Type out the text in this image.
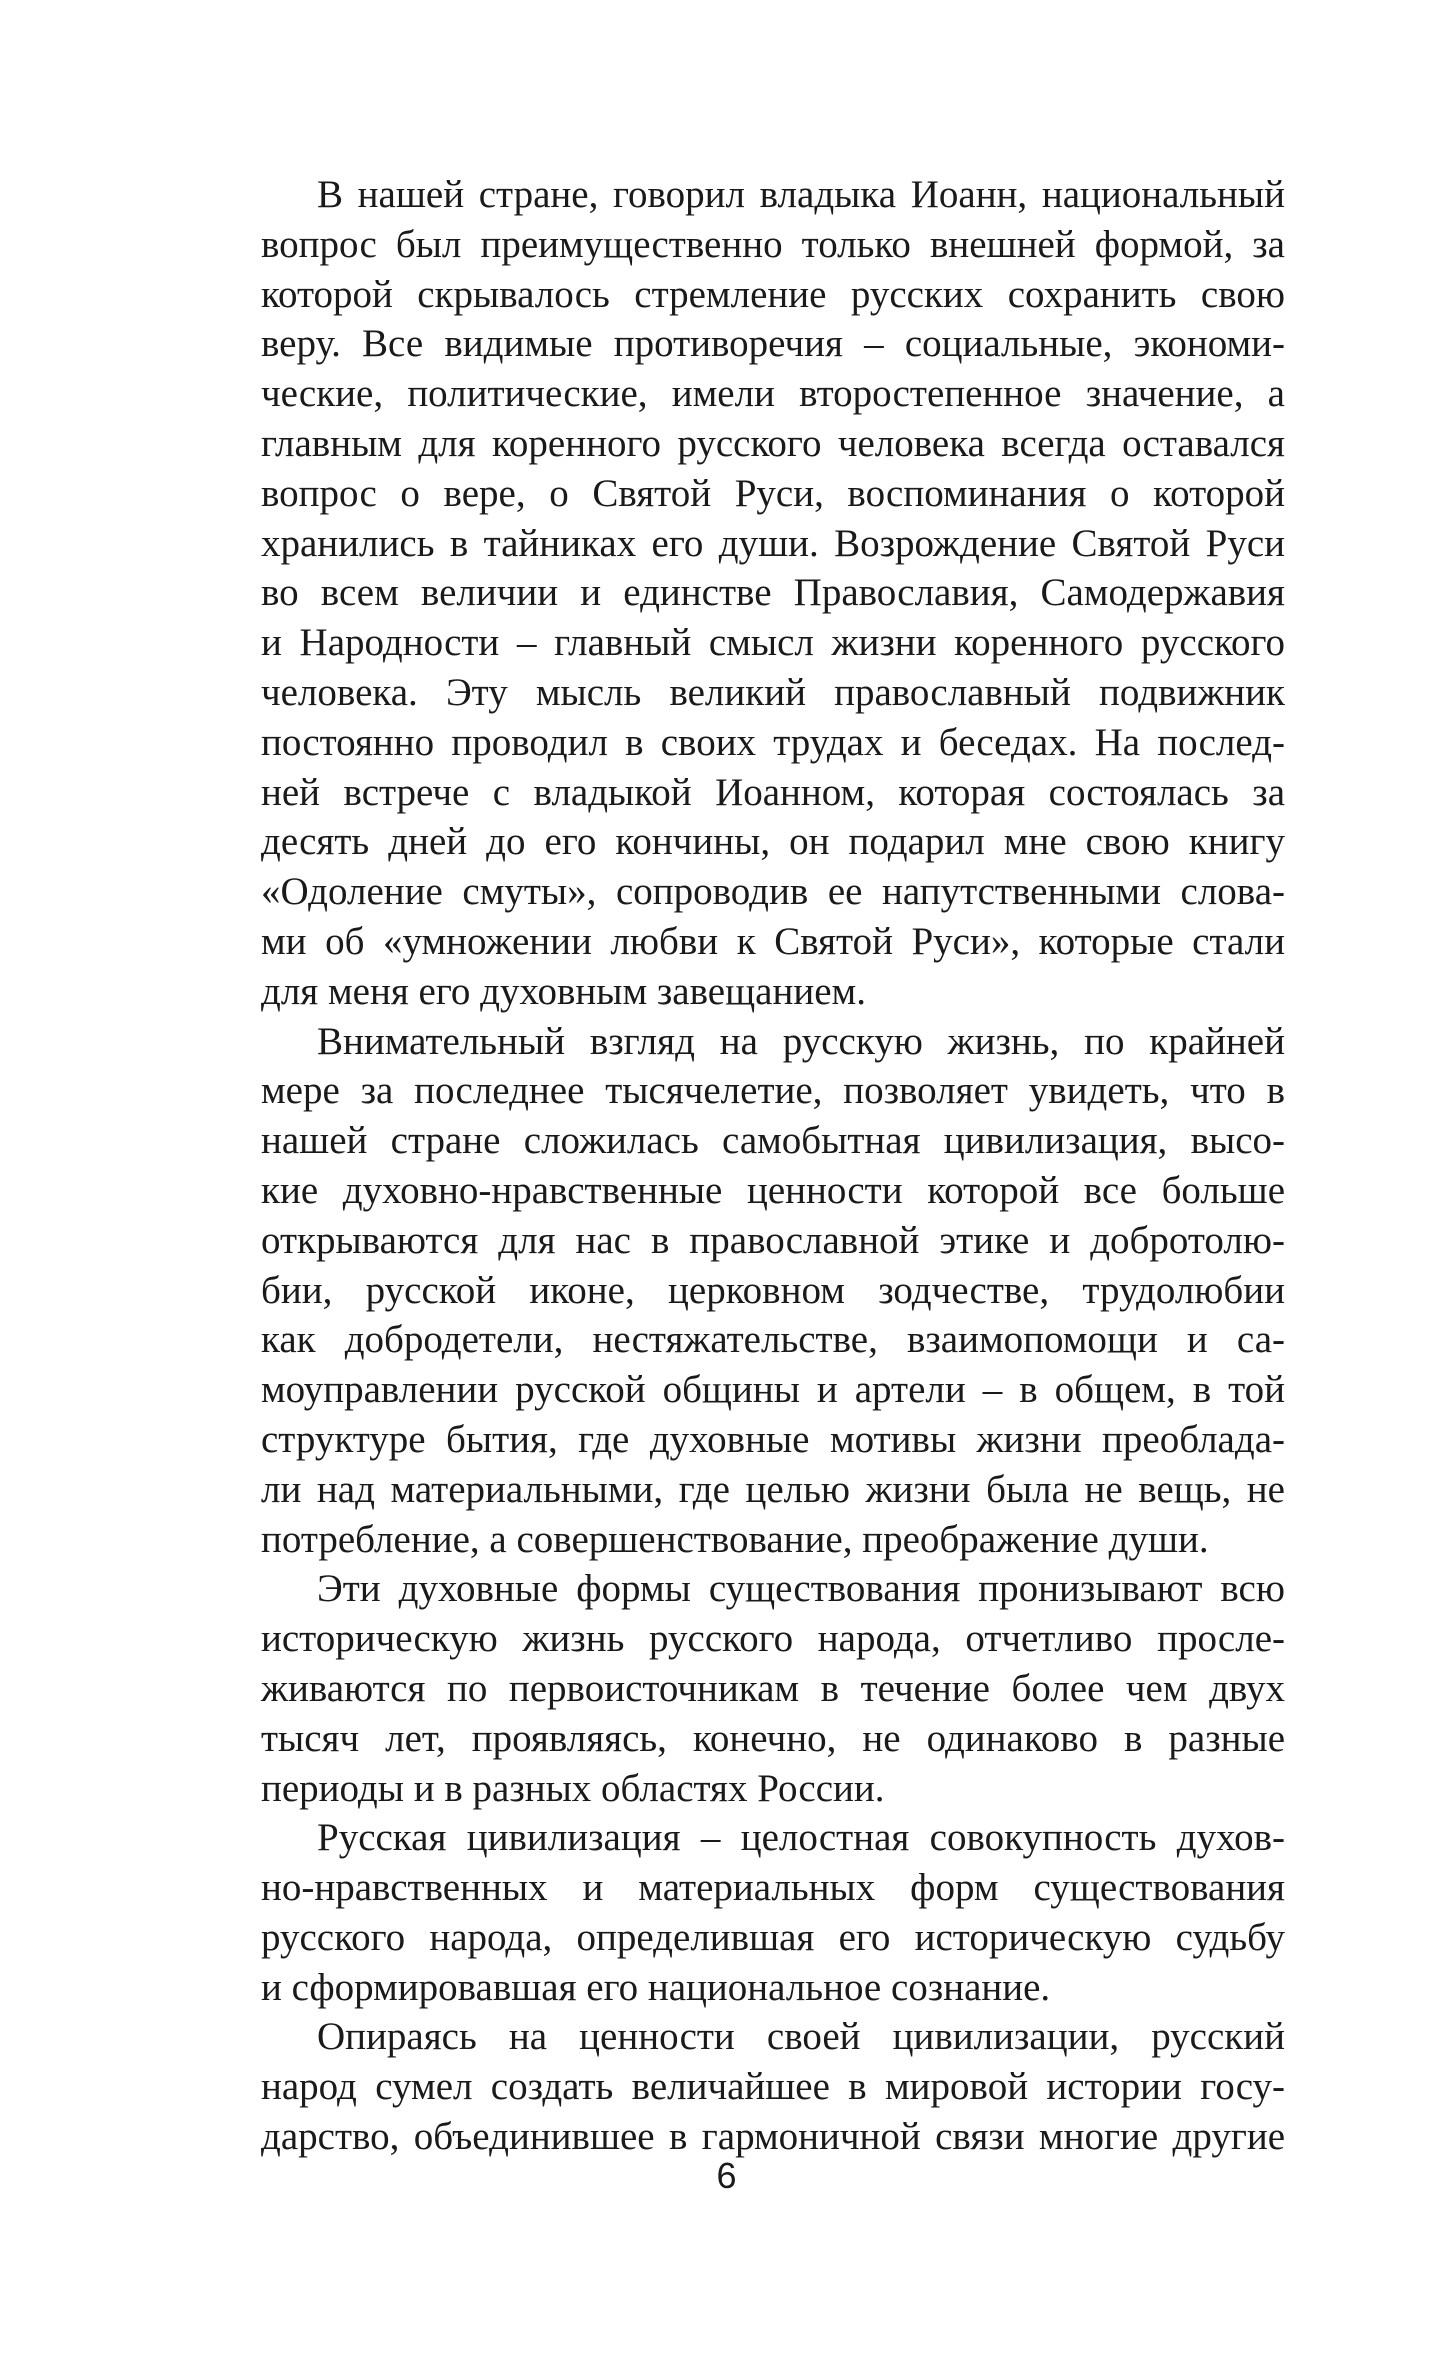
В нашей стране, говорил владыка Иоанн, национальный
вопрос был преимущественно только внешней формой, за
которой скрывалось стремление русских сохранить свою
веру. Все видимые противоречия – социальные, экономи-
ческие, политические, имели второстепенное значение, а
главным для коренного русского человека всегда оставался
вопрос о вере, о Святой Руси, воспоминания о которой
хранились в тайниках его души. Возрождение Святой Руси
во всем величии и единстве Православия, Самодержавия
и Народности – главный смысл жизни коренного русского
человека. Эту мысль великий православный подвижник
постоянно проводил в своих трудах и беседах. На послед-
ней встрече с владыкой Иоанном, которая состоялась за
десять дней до его кончины, он подарил мне свою книгу
«Одоление смуты», сопроводив ее напутственными слова-
ми об «умножении любви к Святой Руси», которые стали
для меня его духовным завещанием.

Внимательный взгляд на русскую жизнь, по крайней
мере за последнее тысячелетие, позволяет увидеть, что в
нашей стране сложилась самобытная цивилизация, высо-
кие духовно-нравственные ценности которой все больше
открываются для нас в православной этике и добротолю-
бии, русской иконе, церковном зодчестве, трудолюбии
как добродетели, нестяжательстве, взаимопомощи и са-
моуправлении русской общины и артели – в общем, в той
структуре бытия, где духовные мотивы жизни преоблада-
ли над материальными, где целью жизни была не вещь, не
потребление, а совершенствование, преображение души.

Эти духовные формы существования пронизывают всю
историческую жизнь русского народа, отчетливо просле-
живаются по первоисточникам в течение более чем двух
тысяч лет, проявляясь, конечно, не одинаково в разные
периоды и в разных областях России.

Русская цивилизация – целостная совокупность духов-
но-нравственных и материальных форм существования
русского народа, определившая его историческую судьбу
и сформировавшая его национальное сознание.

Опираясь на ценности своей цивилизации, русский
народ сумел создать величайшее в мировой истории госу-
дарство, объединившее в гармоничной связи многие другие

6
